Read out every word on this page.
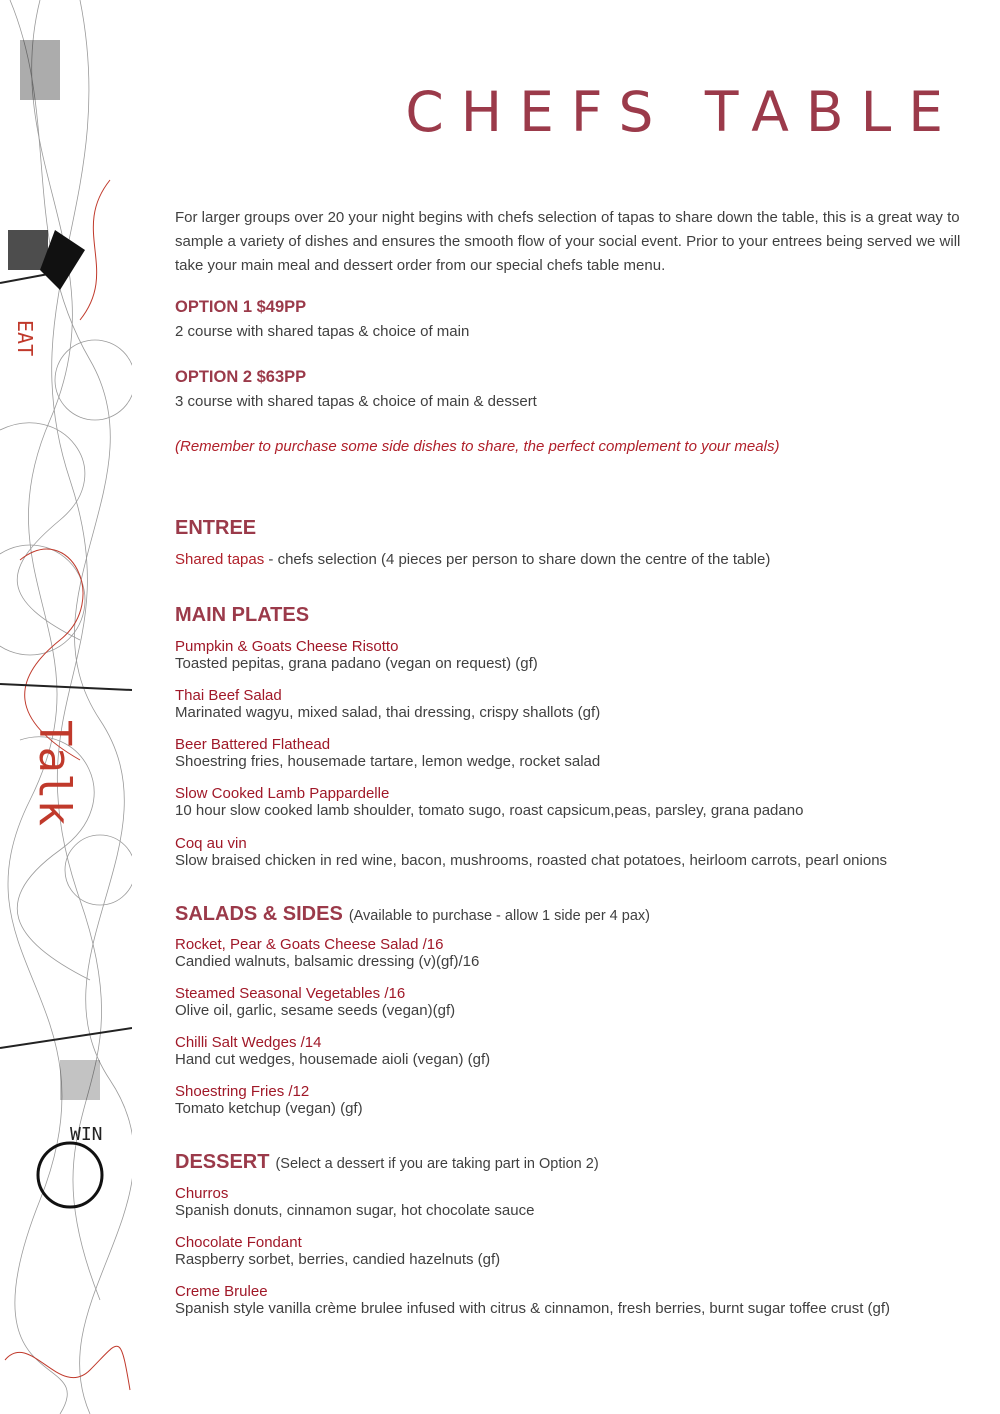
EAT
Talk
WIN
CHEFS TABLE

For larger groups over 20 your night begins with chefs selection of tapas to share down the table, this is a great way to sample a variety of dishes and ensures the smooth flow of your social event. Prior to your entrees being served we will take your main meal and dessert order from our special chefs table menu.

OPTION 1 $49PP

2 course with shared tapas & choice of main

OPTION 2 $63PP

3 course with shared tapas & choice of main & dessert

(Remember to purchase some side dishes to share, the perfect complement to your meals)

ENTREE

Shared tapas - chefs selection (4 pieces per person to share down the centre of the table)

MAIN PLATES
Pumpkin & Goats Cheese Risotto
Toasted pepitas, grana padano (vegan on request) (gf)
Thai Beef Salad
Marinated wagyu, mixed salad, thai dressing, crispy shallots (gf)
Beer Battered Flathead
Shoestring fries, housemade tartare, lemon wedge, rocket salad
Slow Cooked Lamb Pappardelle
10 hour slow cooked lamb shoulder, tomato sugo, roast capsicum,peas, parsley, grana padano
Coq au vin
Slow braised chicken in red wine, bacon, mushrooms, roasted chat potatoes, heirloom carrots, pearl onions
SALADS & SIDES (Available to purchase - allow 1 side per 4 pax)
Rocket, Pear & Goats Cheese Salad /16
Candied walnuts, balsamic dressing (v)(gf)/16
Steamed Seasonal Vegetables /16
Olive oil, garlic, sesame seeds (vegan)(gf)
Chilli Salt Wedges /14
Hand cut wedges, housemade aioli (vegan) (gf)
Shoestring Fries /12
Tomato ketchup (vegan) (gf)
DESSERT (Select a dessert if you are taking part in Option 2)
Churros
Spanish donuts, cinnamon sugar, hot chocolate sauce
Chocolate Fondant
Raspberry sorbet, berries, candied hazelnuts (gf)
Creme Brulee
Spanish style vanilla crème brulee infused with citrus & cinnamon, fresh berries, burnt sugar toffee crust (gf)
